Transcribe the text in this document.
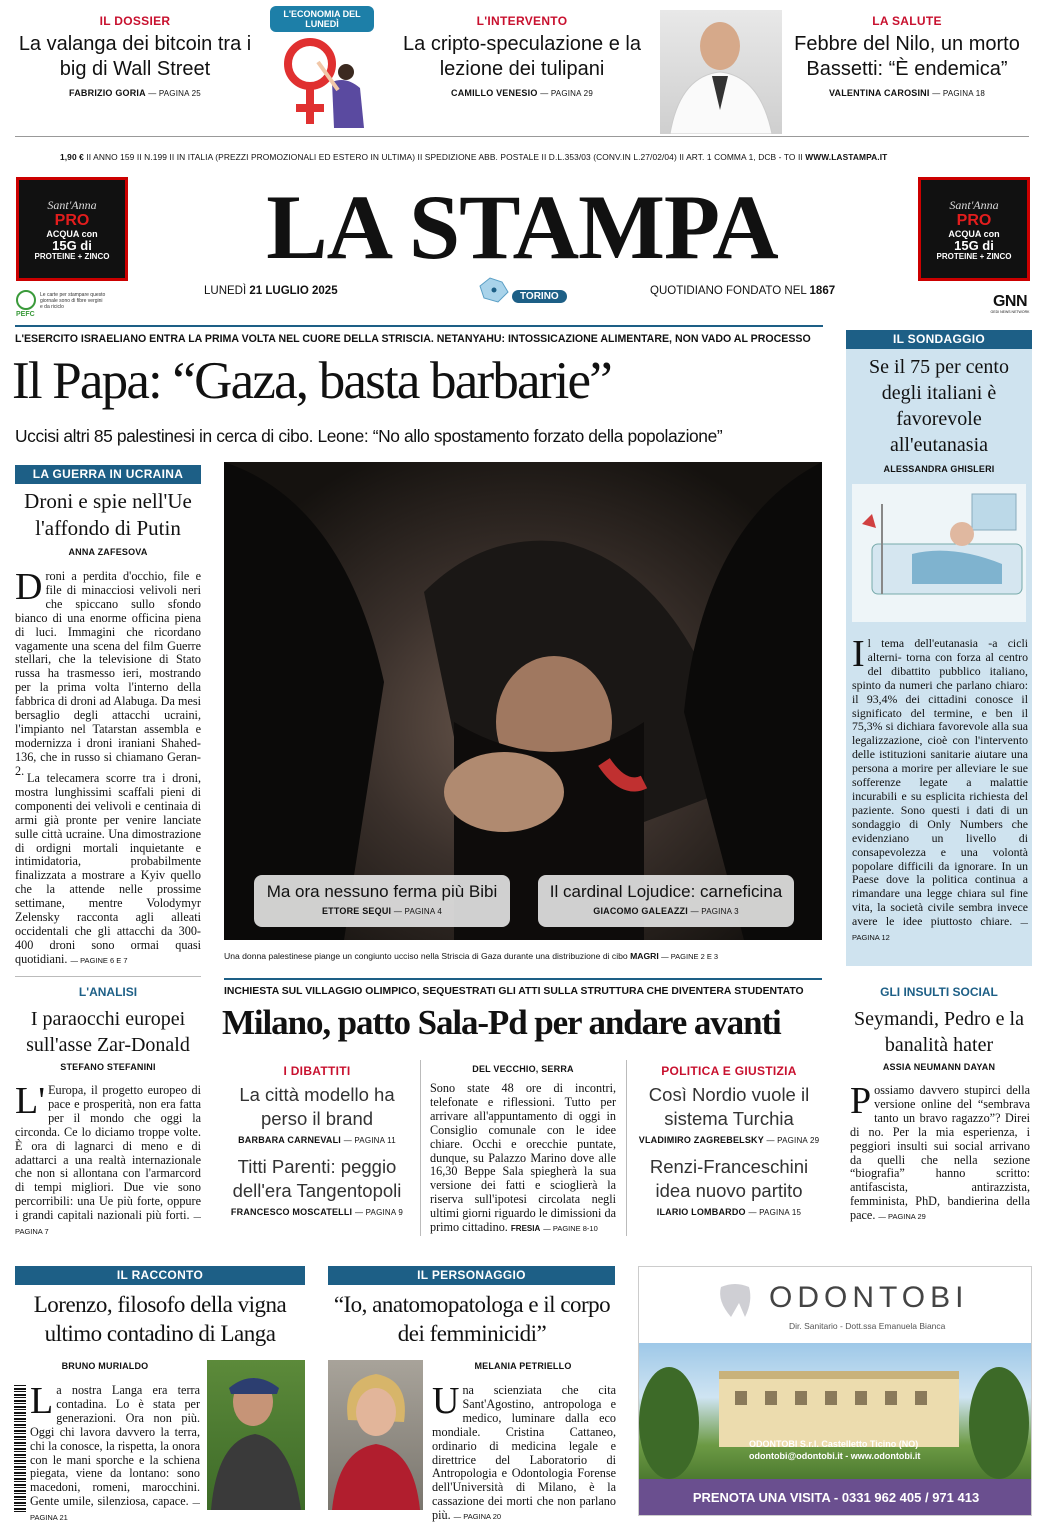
IL DOSSIER
La valanga dei bitcoin tra i big di Wall Street
FABRIZIO GORIA — PAGINA 25
L'ECONOMIA DEL LUNEDÌ	L'INTERVENTO
La cripto-speculazione e la lezione dei tulipani
CAMILLO VENESIO — PAGINA 29
LA SALUTE
Febbre del Nilo, un morto Bassetti: “È endemica”
VALENTINA CAROSINI — PAGINA 18
1,90 € II ANNO 159 II N.199 II IN ITALIA (PREZZI PROMOZIONALI ED ESTERO IN ULTIMA) II SPEDIZIONE ABB. POSTALE II D.L.353/03 (CONV.IN L.27/02/04) II ART. 1 COMMA 1, DCB - TO II WWW.LASTAMPA.IT
Sant'Anna
PRO
ACQUA con
15G di
PROTEINE + ZINCO	LA STAMPA	Sant'Anna
PRO
ACQUA con
15G di
PROTEINE + ZINCO
PEFC
Le carte per stampare questo giornale sono di fibre vergini e da riciclo
LUNEDÌ 21 LUGLIO 2025	TORINO	QUOTIDIANO FONDATO NEL 1867
GNN
GEDI NEWS NETWORK
L'ESERCITO ISRAELIANO ENTRA LA PRIMA VOLTA NEL CUORE DELLA STRISCIA. NETANYAHU: INTOSSICAZIONE ALIMENTARE, NON VADO AL PROCESSO
Il Papa: “Gaza, basta barbarie”
Uccisi altri 85 palestinesi in cerca di cibo. Leone: “No allo spostamento forzato della popolazione”
Ma ora nessuno ferma più Bibi
ETTORE SEQUI — PAGINA 4
Il cardinal Lojudice: carneficina
GIACOMO GALEAZZI — PAGINA 3
Una donna palestinese piange un congiunto ucciso nella Striscia di Gaza durante una distribuzione di cibo MAGRI — PAGINE 2 E 3
LA GUERRA IN UCRAINA
Droni e spie nell'Ue l'affondo di Putin
ANNA ZAFESOVA
Droni a perdita d'occhio, file e file di minacciosi velivoli neri che spiccano sullo sfondo bianco di una enorme officina piena di luci. Immagini che ricordano vagamente una scena del film Guerre stellari, che la televisione di Stato russa ha trasmesso ieri, mostrando per la prima volta l'interno della fabbrica di droni ad Alabuga. Da mesi bersaglio degli attacchi ucraini, l'impianto nel Tatarstan assembla e modernizza i droni iraniani Shahed-136, che in russo si chiamano Geran-2.
La telecamera scorre tra i droni, mostra lunghissimi scaffali pieni di componenti dei velivoli e centinaia di armi già pronte per venire lanciate sulle città ucraine. Una dimostrazione di ordigni mortali inquietante e intimidatoria, probabilmente finalizzata a mostrare a Kyiv quello che la attende nelle prossime settimane, mentre Volodymyr Zelensky racconta agli alleati occidentali che gli attacchi da 300-400 droni sono ormai quasi quotidiani. — PAGINE 6 E 7
L'ANALISI
I paraocchi europei sull'asse Zar-Donald
STEFANO STEFANINI
L'Europa, il progetto europeo di pace e prosperità, non era fatta per il mondo che oggi la circonda. Ce lo diciamo troppe volte. È ora di lagnarci di meno e di adattarci a una realtà internazionale che non si allontana con l'armarcord di tempi migliori. Due vie sono percorribili: una Ue più forte, oppure i grandi capitali nazionali più forti. — PAGINA 7
IL SONDAGGIO
Se il 75 per cento degli italiani è favorevole all'eutanasia
ALESSANDRA GHISLERI
Il tema dell'eutanasia -a cicli alterni- torna con forza al centro del dibattito pubblico italiano, spinto da numeri che parlano chiaro: il 93,4% dei cittadini conosce il significato del termine, e ben il 75,3% si dichiara favorevole alla sua legalizzazione, cioè con l'intervento delle istituzioni sanitarie aiutare una persona a morire per alleviare le sue sofferenze legate a malattie incurabili e su esplicita richiesta del paziente. Sono questi i dati di un sondaggio di Only Numbers che evidenziano un livello di consapevolezza e una volontà popolare difficili da ignorare. In un Paese dove la politica continua a rimandare una legge chiara sul fine vita, la società civile sembra invece avere le idee piuttosto chiare. — PAGINA 12
GLI INSULTI SOCIAL
Seymandi, Pedro e la banalità hater
ASSIA NEUMANN DAYAN
Possiamo davvero stupirci della versione online del “sembrava tanto un bravo ragazzo”? Direi di no. Per la mia esperienza, i peggiori insulti sui social arrivano da quelli che nella sezione “biografia” hanno scritto: antifascista, antirazzista, femminista, PhD, bandierina della pace. — PAGINA 29
INCHIESTA SUL VILLAGGIO OLIMPICO, SEQUESTRATI GLI ATTI SULLA STRUTTURA CHE DIVENTERÀ STUDENTATO
Milano, patto Sala-Pd per andare avanti
I DIBATTITI
La città modello ha perso il brand
BARBARA CARNEVALI — PAGINA 11
Titti Parenti: peggio dell'era Tangentopoli
FRANCESCO MOSCATELLI — PAGINA 9
DEL VECCHIO, SERRA
Sono state 48 ore di incontri, telefonate e riflessioni. Tutto per arrivare all'appuntamento di oggi in Consiglio comunale con le idee chiare. Occhi e orecchie puntate, dunque, su Palazzo Marino dove alle 16,30 Beppe Sala spiegherà la sua versione dei fatti e scioglierà la riserva sull'ipotesi circolata negli ultimi giorni riguardo le dimissioni da primo cittadino. FRESIA — PAGINE 8-10
POLITICA E GIUSTIZIA
Così Nordio vuole il sistema Turchia
VLADIMIRO ZAGREBELSKY — PAGINA 29
Renzi-Franceschini idea nuovo partito
ILARIO LOMBARDO — PAGINA 15
IL RACCONTO
Lorenzo, filosofo della vigna ultimo contadino di Langa
BRUNO MURIALDO
La nostra Langa era terra contadina. Lo è stata per generazioni. Ora non più. Oggi chi lavora davvero la terra, chi la conosce, la rispetta, la onora con le mani sporche e la schiena piegata, viene da lontano: sono macedoni, romeni, marocchini. Gente umile, silenziosa, capace. — PAGINA 21
IL PERSONAGGIO
“Io, anatomopatologa e il corpo dei femminicidi”
MELANIA PETRIELLO
Una scienziata che cita Sant'Agostino, antropologa e medico, luminare dalla eco mondiale. Cristina Cattaneo, ordinario di medicina legale e direttrice del Laboratorio di Antropologia e Odontologia Forense dell'Università di Milano, è la cassazione dei morti che non parlano più. — PAGINA 20
ODONTOBI
Dir. Sanitario - Dott.ssa Emanuela Bianca
ODONTOBI S.r.l. Castelletto Ticino (NO)
odontobi@odontobi.it - www.odontobi.it
PRENOTA UNA VISITA - 0331 962 405 / 971 413
